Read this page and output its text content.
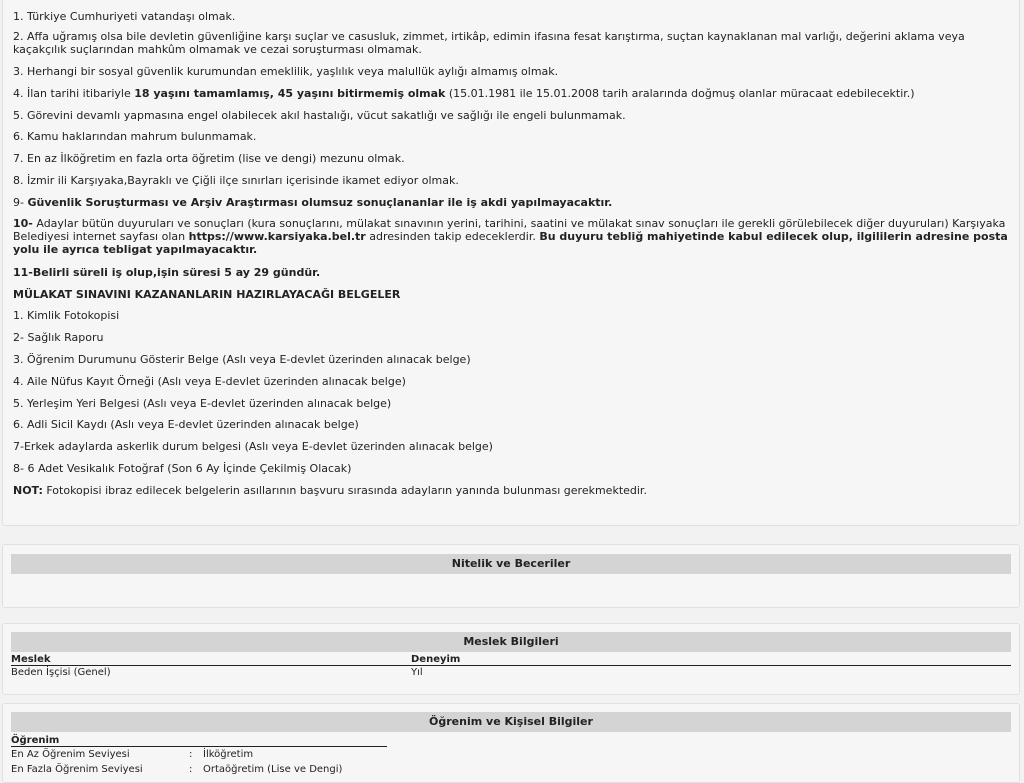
1. Türkiye Cumhuriyeti vatandaşı olmak.
2. Affa uğramış olsa bile devletin güvenliğine karşı suçlar ve casusluk, zimmet, irtikâp, edimin ifasına fesat karıştırma, suçtan kaynaklanan mal varlığı, değerini aklama veya kaçakçılık suçlarından mahkûm olmamak ve cezai soruşturması olmamak.
3. Herhangi bir sosyal güvenlik kurumundan emeklilik, yaşlılık veya malullük aylığı almamış olmak.
4. İlan tarihi itibariyle 18 yaşını tamamlamış, 45 yaşını bitirmemiş olmak (15.01.1981 ile 15.01.2008 tarih aralarında doğmuş olanlar müracaat edebilecektir.)
5. Görevini devamlı yapmasına engel olabilecek akıl hastalığı, vücut sakatlığı ve sağlığı ile engeli bulunmamak.
6. Kamu haklarından mahrum bulunmamak.
7. En az İlköğretim en fazla orta öğretim (lise ve dengi) mezunu olmak.
8. İzmir ili Karşıyaka,Bayraklı ve Çiğli ilçe sınırları içerisinde ikamet ediyor olmak.
9- Güvenlik Soruşturması ve Arşiv Araştırması olumsuz sonuçlananlar ile iş akdi yapılmayacaktır.
10- Adaylar bütün duyuruları ve sonuçları (kura sonuçlarını, mülakat sınavının yerini, tarihini, saatini ve mülakat sınav sonuçları ile gerekli görülebilecek diğer duyuruları) Karşıyaka Belediyesi internet sayfası olan https://www.karsiyaka.bel.tr adresinden takip edeceklerdir. Bu duyuru tebliğ mahiyetinde kabul edilecek olup, ilgililerin adresine posta yolu ile ayrıca tebligat yapılmayacaktır.
11-Belirli süreli iş olup,işin süresi 5 ay 29 gündür.
MÜLAKAT SINAVINI KAZANANLARIN HAZIRLAYACAĞI BELGELER
1. Kimlik Fotokopisi
2- Sağlık Raporu
3. Öğrenim Durumunu Gösterir Belge (Aslı veya E-devlet üzerinden alınacak belge)
4. Aile Nüfus Kayıt Örneği (Aslı veya E-devlet üzerinden alınacak belge)
5. Yerleşim Yeri Belgesi (Aslı veya E-devlet üzerinden alınacak belge)
6. Adli Sicil Kaydı (Aslı veya E-devlet üzerinden alınacak belge)
7-Erkek adaylarda askerlik durum belgesi (Aslı veya E-devlet üzerinden alınacak belge)
8- 6 Adet Vesikalık Fotoğraf (Son 6 Ay İçinde Çekilmiş Olacak)
NOT: Fotokopisi ibraz edilecek belgelerin asıllarının başvuru sırasında adayların yanında bulunması gerekmektedir.
Nitelik ve Beceriler
Meslek Bilgileri
Meslek	Deneyim
Beden İşçisi (Genel)	Yıl
Öğrenim ve Kişisel Bilgiler
Öğrenim
En Az Öğrenim Seviyesi	: İlköğretim
En Fazla Öğrenim Seviyesi	: Ortaöğretim (Lise ve Dengi)
